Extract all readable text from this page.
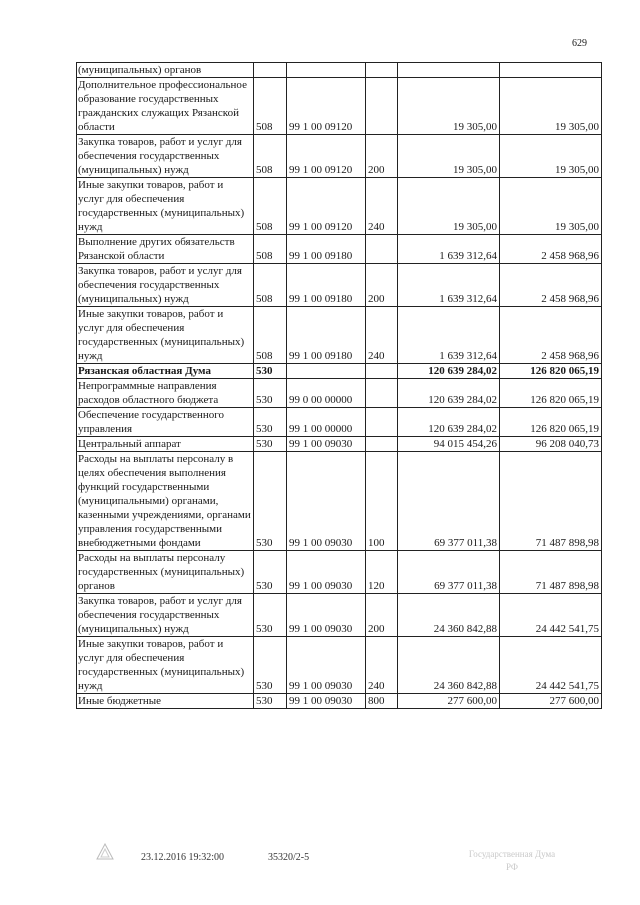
629
(муниципальных) органов					
Дополнительное профессиональное образование государственных гражданских служащих Рязанской области	508	99 1 00 09120		19 305,00	19 305,00
Закупка товаров, работ и услуг для обеспечения государственных (муниципальных) нужд	508	99 1 00 09120	200	19 305,00	19 305,00
Иные закупки товаров, работ и услуг для обеспечения государственных (муниципальных) нужд	508	99 1 00 09120	240	19 305,00	19 305,00
Выполнение других обязательств Рязанской области	508	99 1 00 09180		1 639 312,64	2 458 968,96
Закупка товаров, работ и услуг для обеспечения государственных (муниципальных) нужд	508	99 1 00 09180	200	1 639 312,64	2 458 968,96
Иные закупки товаров, работ и услуг для обеспечения государственных (муниципальных) нужд	508	99 1 00 09180	240	1 639 312,64	2 458 968,96
Рязанская областная Дума	530			120 639 284,02	126 820 065,19
Непрограммные направления расходов областного бюджета	530	99 0 00 00000		120 639 284,02	126 820 065,19
Обеспечение государственного управления	530	99 1 00 00000		120 639 284,02	126 820 065,19
Центральный аппарат	530	99 1 00 09030		94 015 454,26	96 208 040,73
Расходы на выплаты персоналу в целях обеспечения выполнения функций государственными (муниципальными) органами, казенными учреждениями, органами управления государственными внебюджетными фондами	530	99 1 00 09030	100	69 377 011,38	71 487 898,98
Расходы на выплаты персоналу государственных (муниципальных) органов	530	99 1 00 09030	120	69 377 011,38	71 487 898,98
Закупка товаров, работ и услуг для обеспечения государственных (муниципальных) нужд	530	99 1 00 09030	200	24 360 842,88	24 442 541,75
Иные закупки товаров, работ и услуг для обеспечения государственных (муниципальных) нужд	530	99 1 00 09030	240	24 360 842,88	24 442 541,75
Иные бюджетные	530	99 1 00 09030	800	277 600,00	277 600,00
23.12.2016 19:32:00	35320/2-5	Государственная Дума
РФ
